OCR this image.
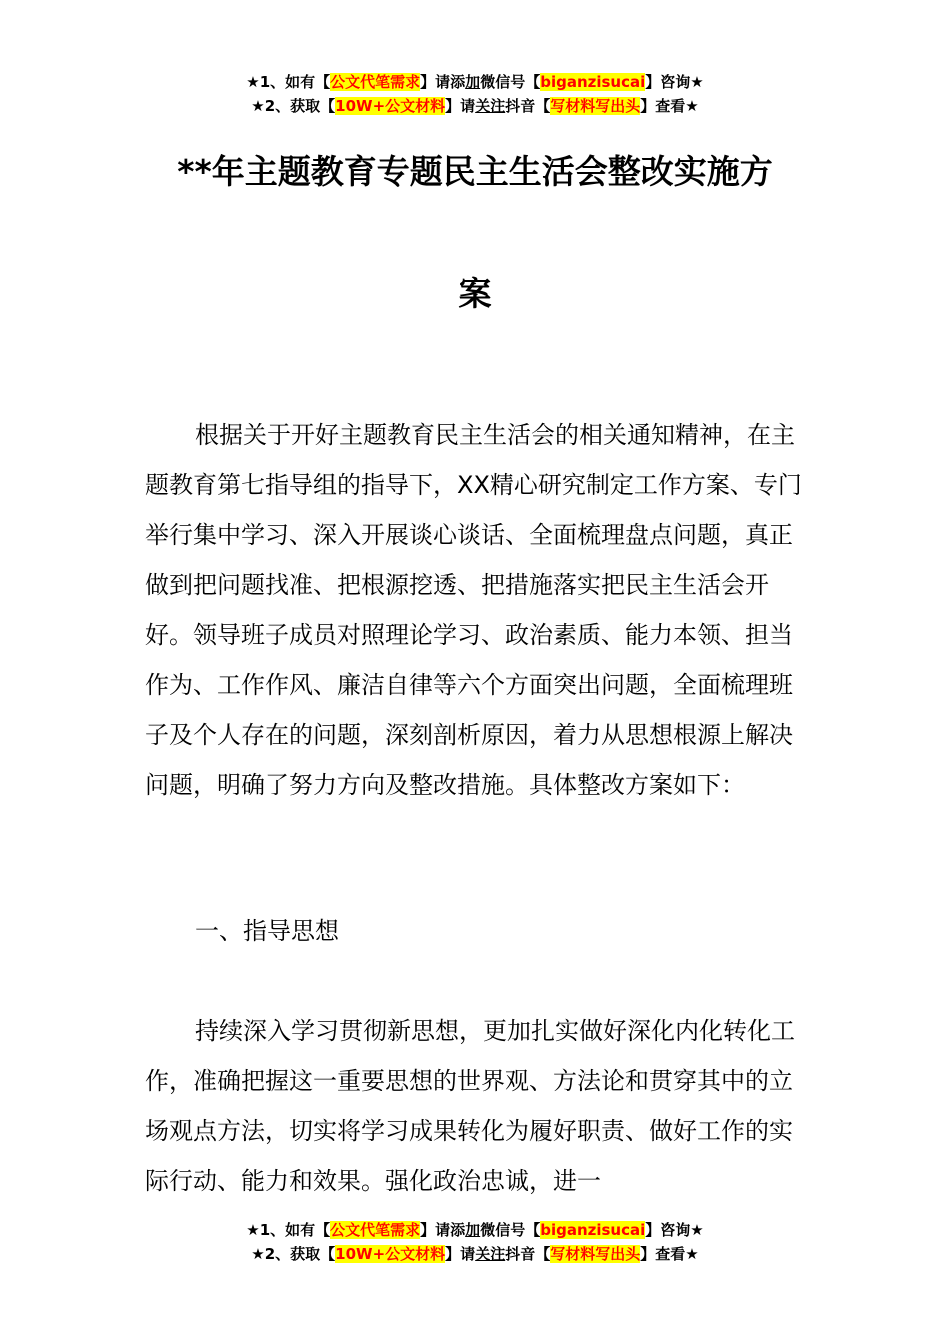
★1、如有【公文代笔需求】请添加微信号【biganzisucai】咨询★
★2、获取【10W+公文材料】请关注抖音【写材料写出头】查看★
**年主题教育专题民主生活会整改实施方
案
根据关于开好主题教育民主生活会的相关通知精神，在主题教育第七指导组的指导下，XX精心研究制定工作方案、专门举行集中学习、深入开展谈心谈话、全面梳理盘点问题，真正做到把问题找准、把根源挖透、把措施落实把民主生活会开好。领导班子成员对照理论学习、政治素质、能力本领、担当作为、工作作风、廉洁自律等六个方面突出问题，全面梳理班子及个人存在的问题，深刻剖析原因，着力从思想根源上解决问题，明确了努力方向及整改措施。具体整改方案如下：
一、指导思想
持续深入学习贯彻新思想，更加扎实做好深化内化转化工作，准确把握这一重要思想的世界观、方法论和贯穿其中的立场观点方法，切实将学习成果转化为履好职责、做好工作的实际行动、能力和效果。强化政治忠诚，进一
★1、如有【公文代笔需求】请添加微信号【biganzisucai】咨询★
★2、获取【10W+公文材料】请关注抖音【写材料写出头】查看★
